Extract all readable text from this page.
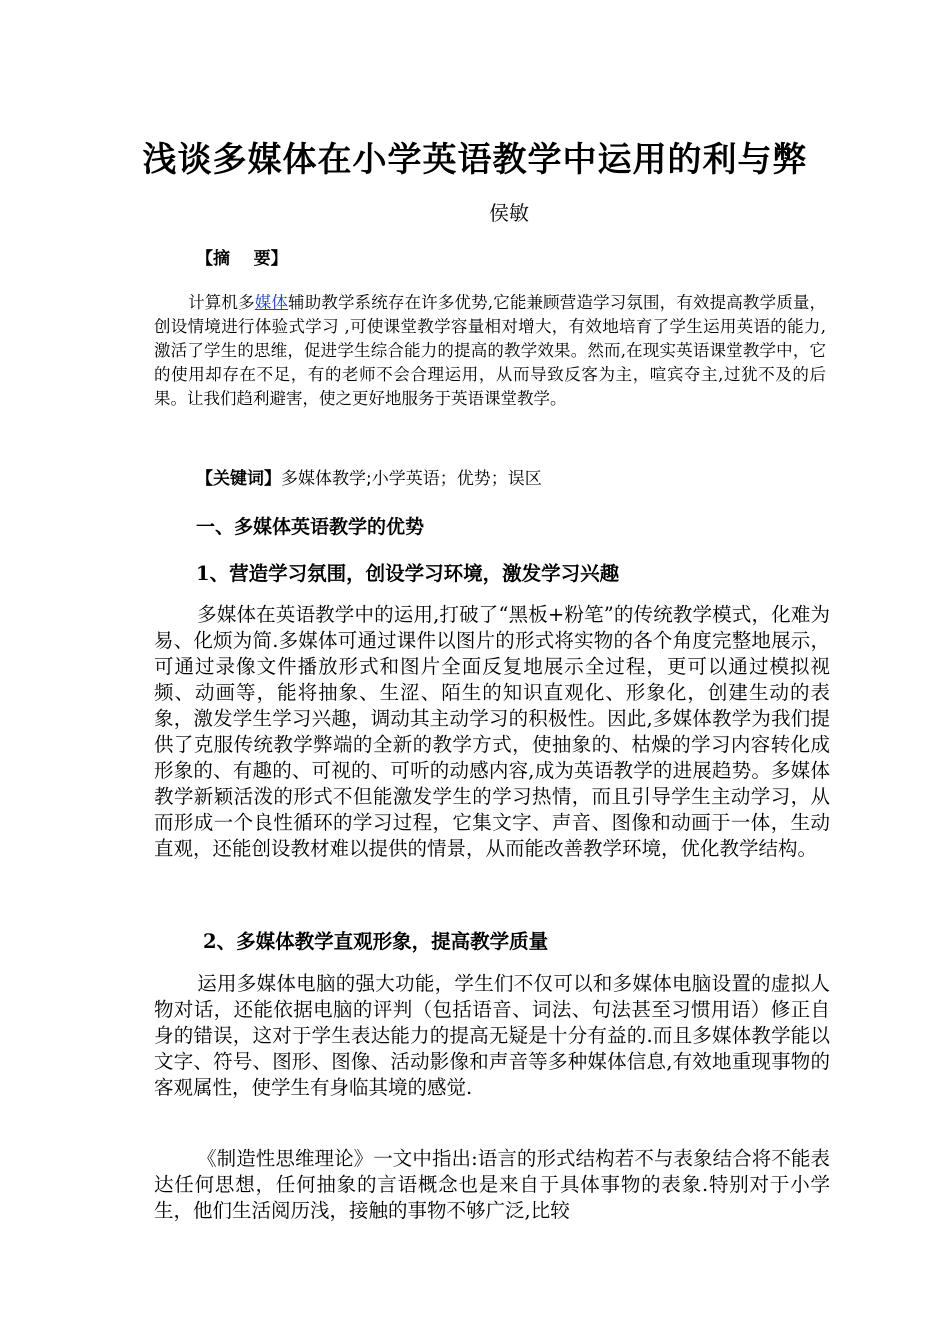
浅谈多媒体在小学英语教学中运用的利与弊
侯敏
【摘    要】

计算机多媒体辅助教学系统存在许多优势,它能兼顾营造学习氛围，有效提高教学质量，创设情境进行体验式学习 ,可使课堂教学容量相对增大，有效地培育了学生运用英语的能力,激活了学生的思维，促进学生综合能力的提高的教学效果。然而,在现实英语课堂教学中，它的使用却存在不足，有的老师不会合理运用，从而导致反客为主，喧宾夺主,过犹不及的后果。让我们趋利避害，使之更好地服务于英语课堂教学。

【关键词】多媒体教学;小学英语；优势；误区
一、多媒体英语教学的优势
1、营造学习氛围，创设学习环境，激发学习兴趣

多媒体在英语教学中的运用,打破了“黑板+粉笔”的传统教学模式，化难为易、化烦为简.多媒体可通过课件以图片的形式将实物的各个角度完整地展示，可通过录像文件播放形式和图片全面反复地展示全过程，更可以通过模拟视频、动画等，能将抽象、生涩、陌生的知识直观化、形象化，创建生动的表象，激发学生学习兴趣，调动其主动学习的积极性。因此,多媒体教学为我们提供了克服传统教学弊端的全新的教学方式，使抽象的、枯燥的学习内容转化成形象的、有趣的、可视的、可听的动感内容,成为英语教学的进展趋势。多媒体教学新颖活泼的形式不但能激发学生的学习热情，而且引导学生主动学习，从而形成一个良性循环的学习过程，它集文字、声音、图像和动画于一体，生动直观，还能创设教材难以提供的情景，从而能改善教学环境，优化教学结构。

2、多媒体教学直观形象，提高教学质量

运用多媒体电脑的强大功能，学生们不仅可以和多媒体电脑设置的虚拟人物对话，还能依据电脑的评判（包括语音、词法、句法甚至习惯用语）修正自身的错误，这对于学生表达能力的提高无疑是十分有益的.而且多媒体教学能以文字、符号、图形、图像、活动影像和声音等多种媒体信息,有效地重现事物的客观属性，使学生有身临其境的感觉.

《制造性思维理论》一文中指出:语言的形式结构若不与表象结合将不能表达任何思想，任何抽象的言语概念也是来自于具体事物的表象.特别对于小学生，他们生活阅历浅，接触的事物不够广泛,比较
